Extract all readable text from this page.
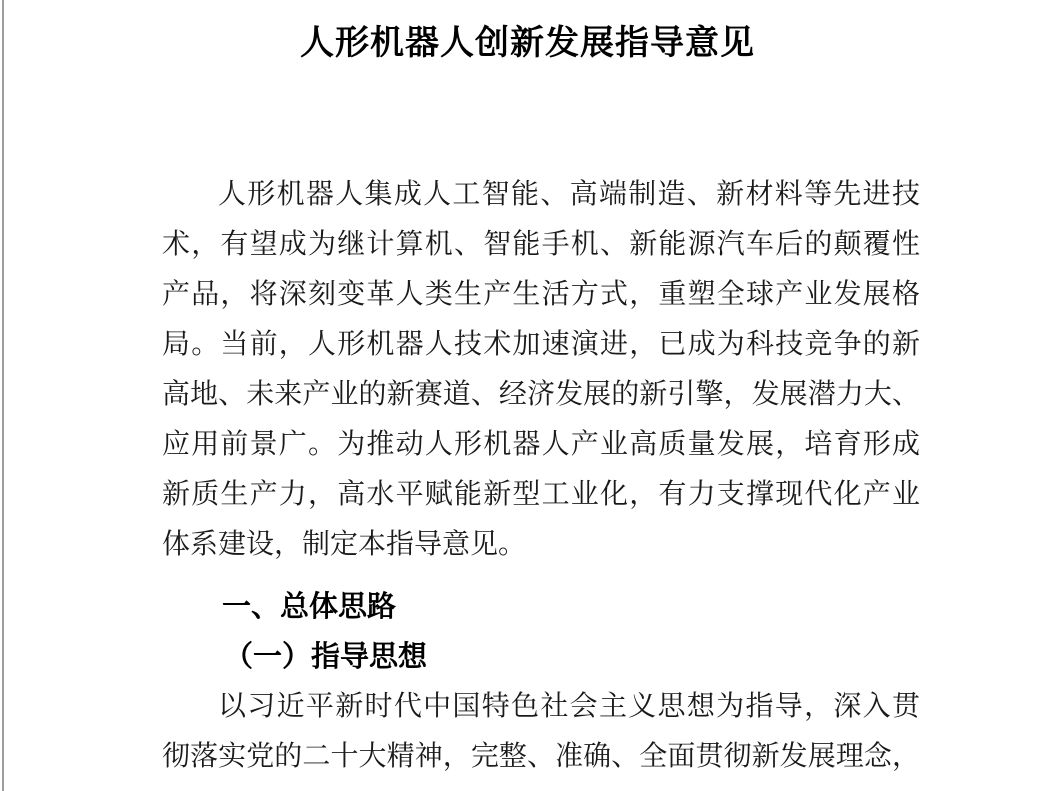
人形机器人创新发展指导意见
人形机器人集成人工智能、高端制造、新材料等先进技
术，有望成为继计算机、智能手机、新能源汽车后的颠覆性
产品，将深刻变革人类生产生活方式，重塑全球产业发展格
局。当前，人形机器人技术加速演进，已成为科技竞争的新
高地、未来产业的新赛道、经济发展的新引擎，发展潜力大、
应用前景广。为推动人形机器人产业高质量发展，培育形成
新质生产力，高水平赋能新型工业化，有力支撑现代化产业
体系建设，制定本指导意见。
一、总体思路
（一）指导思想
以习近平新时代中国特色社会主义思想为指导，深入贯
彻落实党的二十大精神，完整、准确、全面贯彻新发展理念，
